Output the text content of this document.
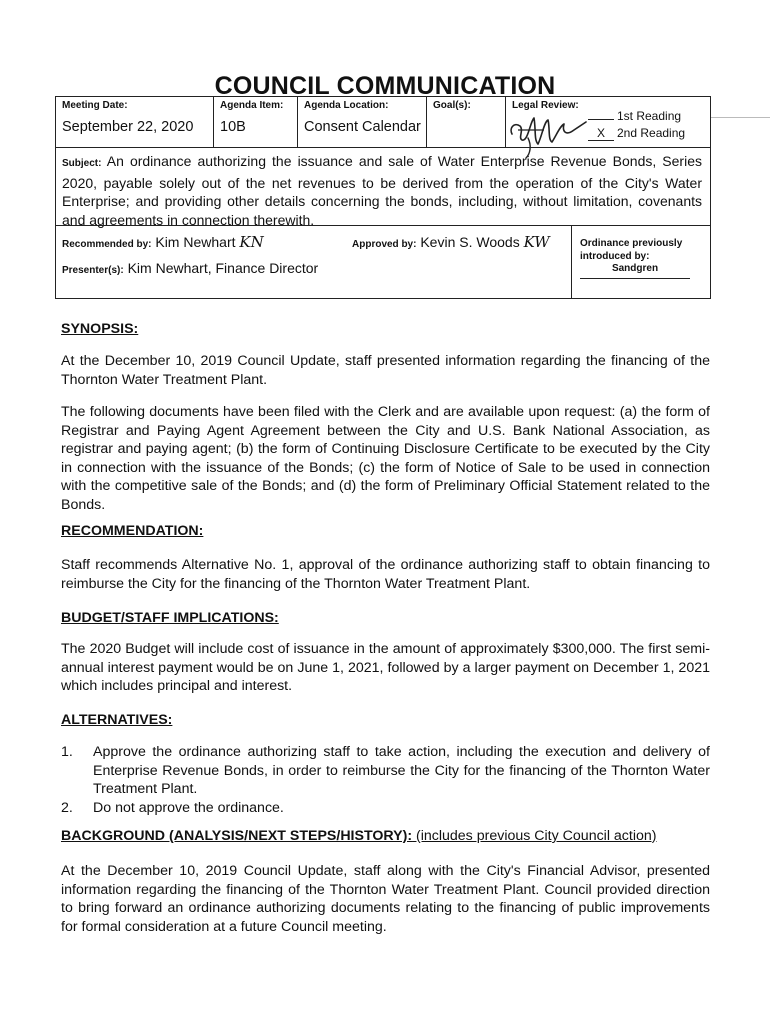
COUNCIL COMMUNICATION
Meeting Date:
September 22, 2020
Agenda Item:
10B
Agenda Location:
Consent Calendar
Goal(s):	Legal Review:
1st Reading
X 2nd Reading
Subject: An ordinance authorizing the issuance and sale of Water Enterprise Revenue Bonds, Series 2020, payable solely out of the net revenues to be derived from the operation of the City's Water Enterprise; and providing other details concerning the bonds, including, without limitation, covenants and agreements in connection therewith.
Recommended by: Kim Newhart KN	Approved by: Kevin S. Woods KW
Presenter(s): Kim Newhart, Finance Director
Ordinance previously introduced by:
Sandgren
SYNOPSIS:
At the December 10, 2019 Council Update, staff presented information regarding the financing of the Thornton Water Treatment Plant.
The following documents have been filed with the Clerk and are available upon request: (a) the form of Registrar and Paying Agent Agreement between the City and U.S. Bank National Association, as registrar and paying agent; (b) the form of Continuing Disclosure Certificate to be executed by the City in connection with the issuance of the Bonds; (c) the form of Notice of Sale to be used in connection with the competitive sale of the Bonds; and (d) the form of Preliminary Official Statement related to the Bonds.
RECOMMENDATION:
Staff recommends Alternative No. 1, approval of the ordinance authorizing staff to obtain financing to reimburse the City for the financing of the Thornton Water Treatment Plant.
BUDGET/STAFF IMPLICATIONS:
The 2020 Budget will include cost of issuance in the amount of approximately $300,000. The first semi-annual interest payment would be on June 1, 2021, followed by a larger payment on December 1, 2021 which includes principal and interest.
ALTERNATIVES:
1. Approve the ordinance authorizing staff to take action, including the execution and delivery of Enterprise Revenue Bonds, in order to reimburse the City for the financing of the Thornton Water Treatment Plant.
2. Do not approve the ordinance.
BACKGROUND (ANALYSIS/NEXT STEPS/HISTORY): (includes previous City Council action)
At the December 10, 2019 Council Update, staff along with the City's Financial Advisor, presented information regarding the financing of the Thornton Water Treatment Plant. Council provided direction to bring forward an ordinance authorizing documents relating to the financing of public improvements for formal consideration at a future Council meeting.
